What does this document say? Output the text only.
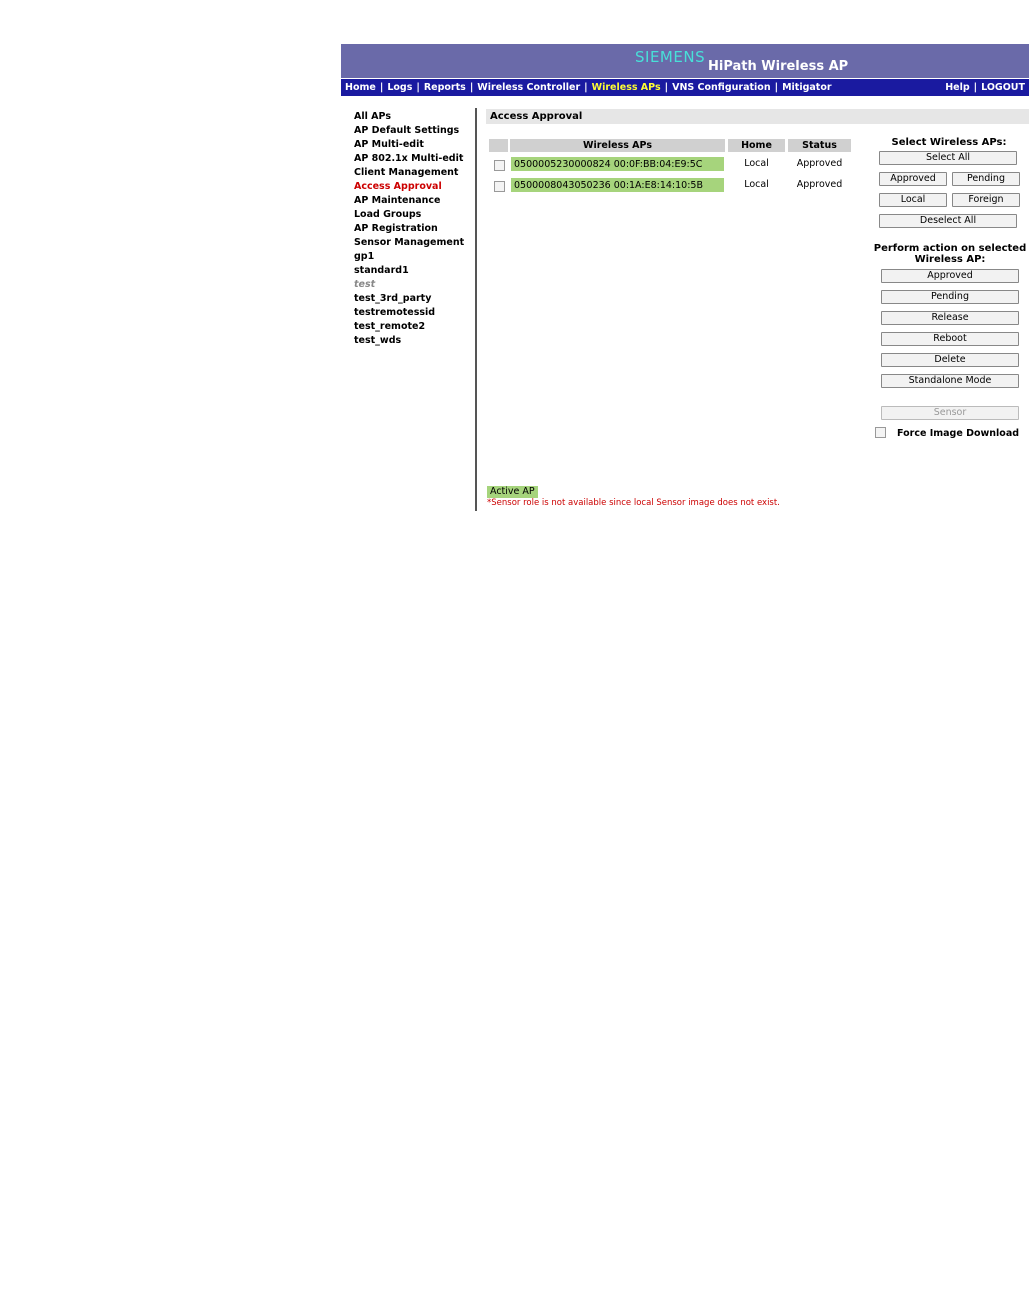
SIEMENS
HiPath Wireless AP
Home | Logs | Reports | Wireless Controller | Wireless APs | VNS Configuration | Mitigator	Help | LOGOUT
All APs
AP Default Settings
AP Multi-edit
AP 802.1x Multi-edit
Client Management
Access Approval
AP Maintenance
Load Groups
AP Registration
Sensor Management
gp1
standard1
test
test_3rd_party
testremotessid
test_remote2
test_wds
Access Approval
Wireless APs	Home	Status
0500005230000824 00:0F:BB:04:E9:5C	Local	Approved
0500008043050236 00:1A:E8:14:10:5B	Local	Approved
Select Wireless APs:
Select All
Approved	Pending
Local	Foreign
Deselect All
Perform action on selected
Wireless AP:
Approved
Pending
Release
Reboot
Delete
Standalone Mode
Sensor
Force Image Download
Active AP
*Sensor role is not available since local Sensor image does not exist.
